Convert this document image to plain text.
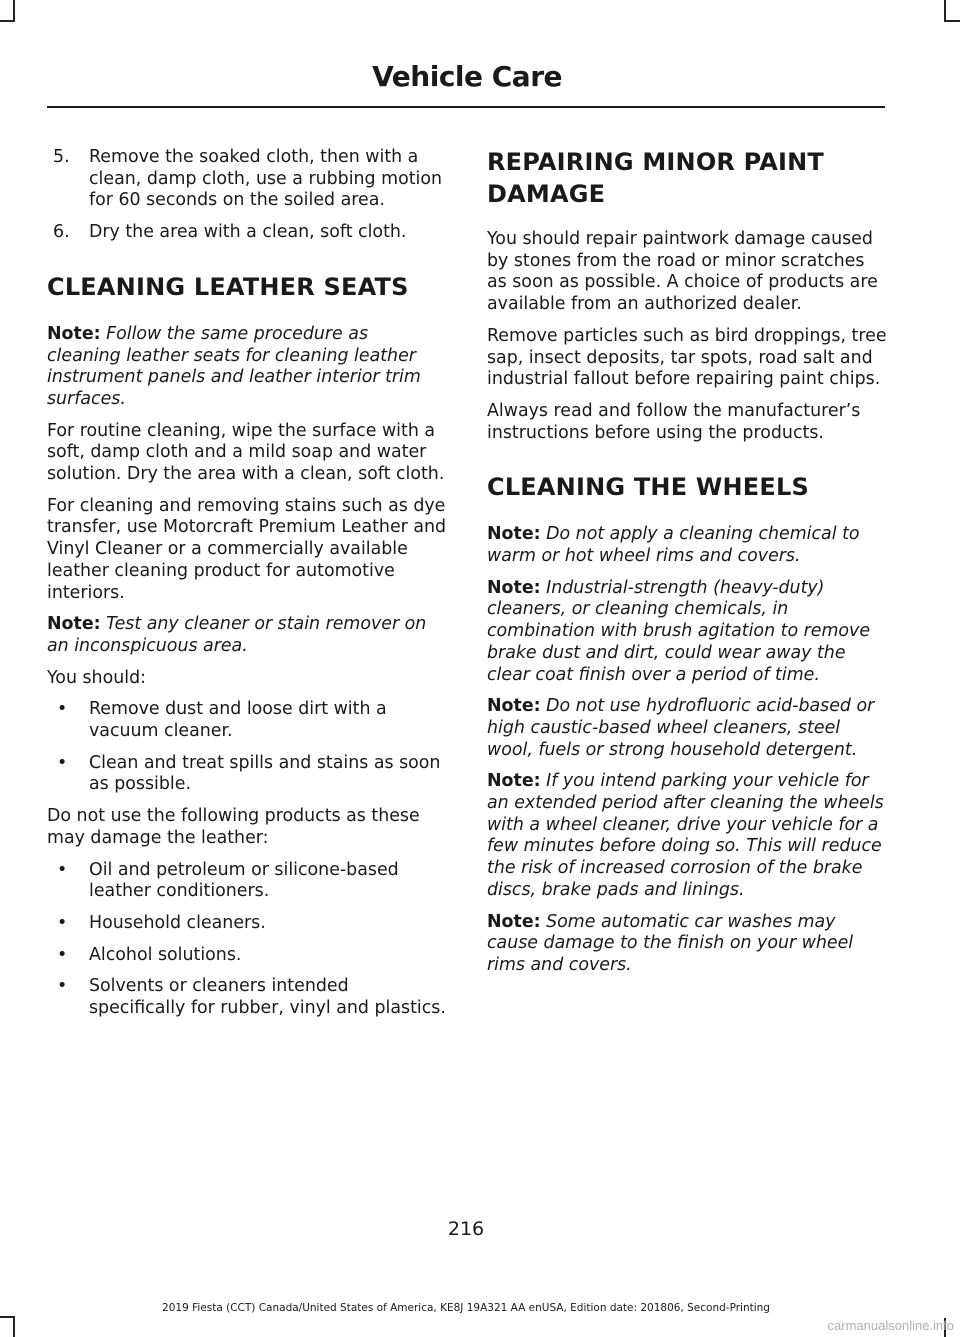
Vehicle Care
5. Remove the soaked cloth, then with a clean, damp cloth, use a rubbing motion for 60 seconds on the soiled area.
6. Dry the area with a clean, soft cloth.
CLEANING LEATHER SEATS

Note: Follow the same procedure as cleaning leather seats for cleaning leather instrument panels and leather interior trim surfaces.

For routine cleaning, wipe the surface with a soft, damp cloth and a mild soap and water solution. Dry the area with a clean, soft cloth.

For cleaning and removing stains such as dye transfer, use Motorcraft Premium Leather and Vinyl Cleaner or a commercially available leather cleaning product for automotive interiors.

Note: Test any cleaner or stain remover on an inconspicuous area.

You should:

• Remove dust and loose dirt with a vacuum cleaner.
• Clean and treat spills and stains as soon as possible.

Do not use the following products as these may damage the leather:

• Oil and petroleum or silicone-based leather conditioners.
• Household cleaners.
• Alcohol solutions.
• Solvents or cleaners intended specifically for rubber, vinyl and plastics.
REPAIRING MINOR PAINT
DAMAGE

You should repair paintwork damage caused by stones from the road or minor scratches as soon as possible. A choice of products are available from an authorized dealer.

Remove particles such as bird droppings, tree sap, insect deposits, tar spots, road salt and industrial fallout before repairing paint chips.

Always read and follow the manufacturer’s instructions before using the products.

CLEANING THE WHEELS

Note: Do not apply a cleaning chemical to warm or hot wheel rims and covers.

Note: Industrial-strength (heavy-duty) cleaners, or cleaning chemicals, in combination with brush agitation to remove brake dust and dirt, could wear away the clear coat finish over a period of time.

Note: Do not use hydrofluoric acid-based or high caustic-based wheel cleaners, steel wool, fuels or strong household detergent.

Note: If you intend parking your vehicle for an extended period after cleaning the wheels with a wheel cleaner, drive your vehicle for a few minutes before doing so. This will reduce the risk of increased corrosion of the brake discs, brake pads and linings.

Note: Some automatic car washes may cause damage to the finish on your wheel rims and covers.

216
2019 Fiesta (CCT) Canada/United States of America, KE8J 19A321 AA enUSA, Edition date: 201806, Second-Printing
carmanualsonline.info
